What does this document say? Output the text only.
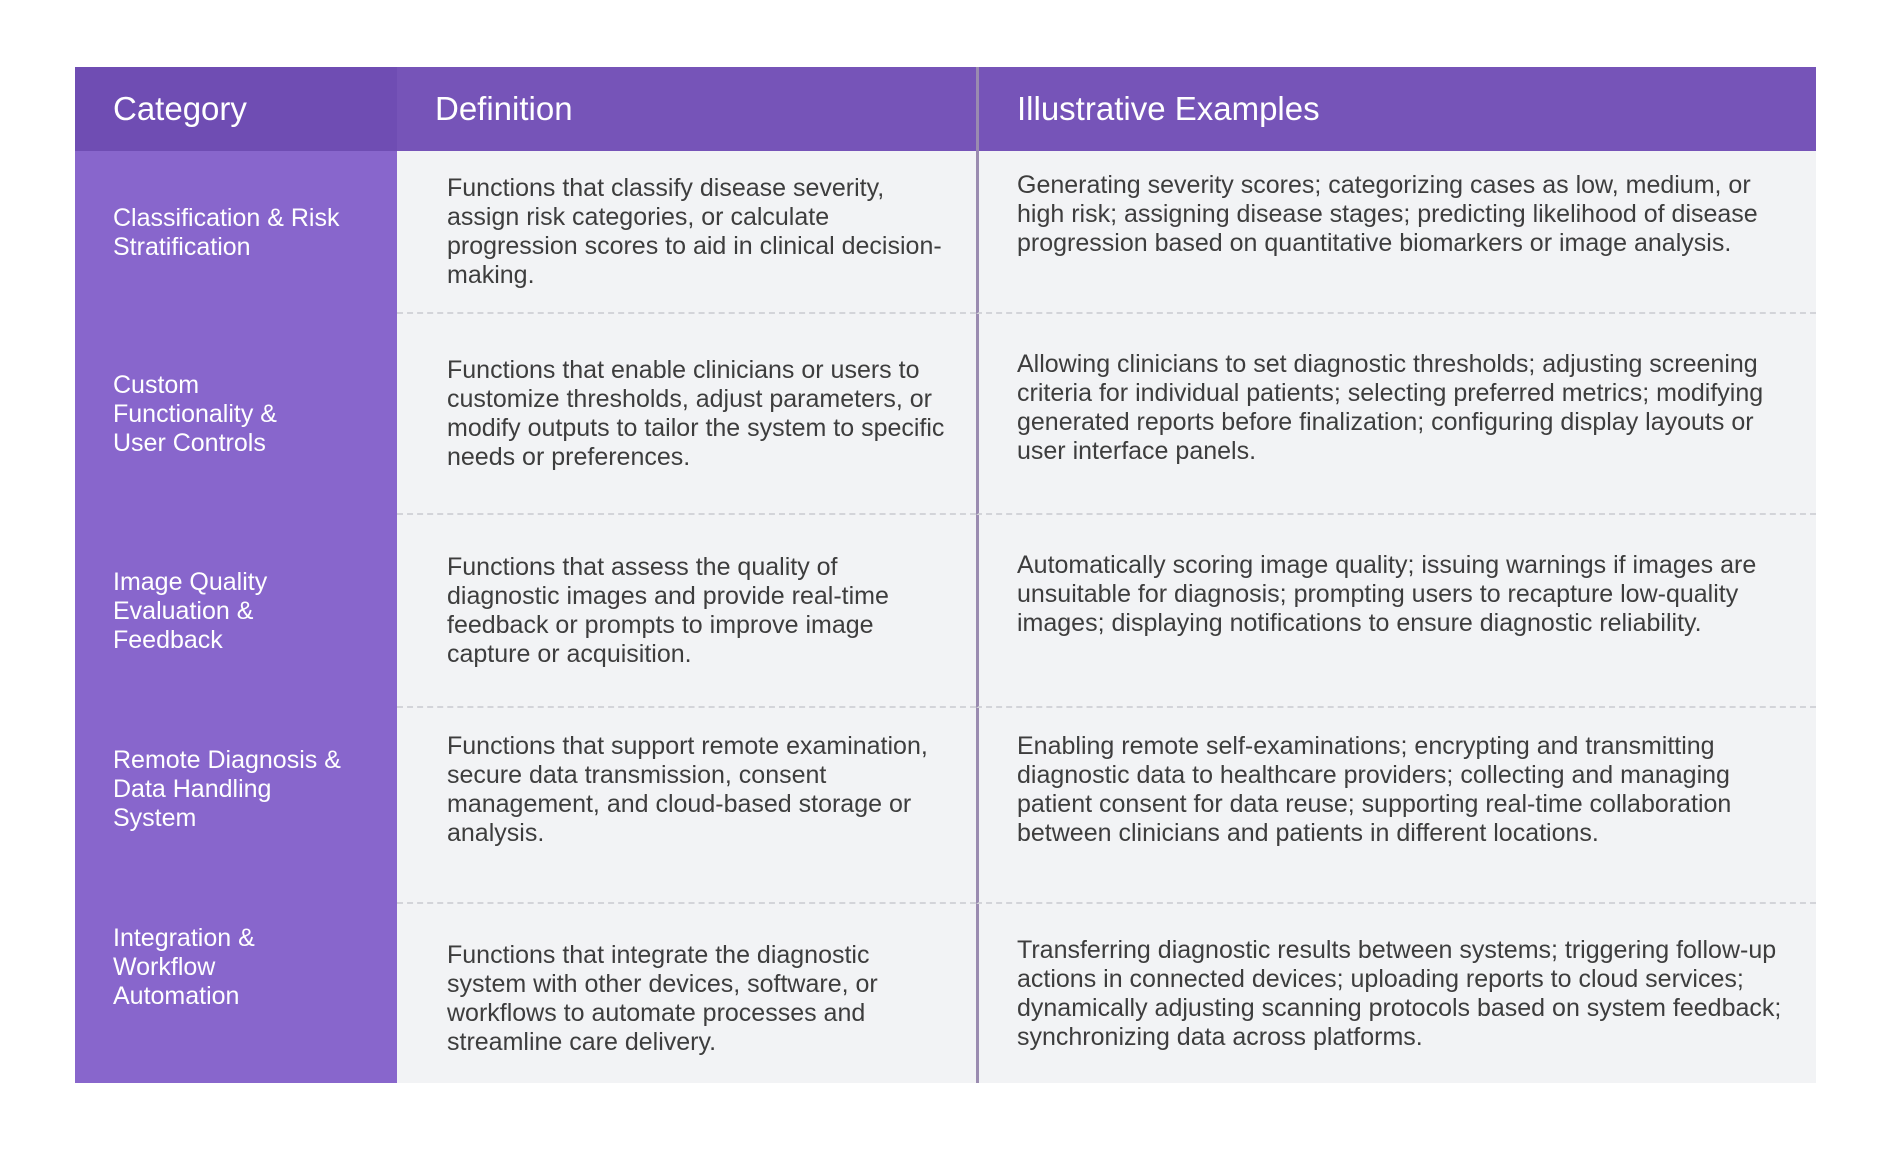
Category	Definition	Illustrative Examples
Classification & Risk Stratification
Functions that classify disease severity, assign risk categories, or calculate progression scores to aid in clinical decision-making.
Generating severity scores; categorizing cases as low, medium, or high risk; assigning disease stages; predicting likelihood of disease progression based on quantitative biomarkers or image analysis.
Custom Functionality & User Controls
Functions that enable clinicians or users to customize thresholds, adjust parameters, or modify outputs to tailor the system to specific needs or preferences.
Allowing clinicians to set diagnostic thresholds; adjusting screening criteria for individual patients; selecting preferred metrics; modifying generated reports before finalization; configuring display layouts or user interface panels.
Image Quality Evaluation & Feedback
Functions that assess the quality of diagnostic images and provide real-time feedback or prompts to improve image capture or acquisition.
Automatically scoring image quality; issuing warnings if images are unsuitable for diagnosis; prompting users to recapture low-quality images; displaying notifications to ensure diagnostic reliability.
Remote Diagnosis & Data Handling System
Functions that support remote examination, secure data transmission, consent management, and cloud-based storage or analysis.
Enabling remote self-examinations; encrypting and transmitting diagnostic data to healthcare providers; collecting and managing patient consent for data reuse; supporting real-time collaboration between clinicians and patients in different locations.
Integration & Workflow Automation
Functions that integrate the diagnostic system with other devices, software, or workflows to automate processes and streamline care delivery.
Transferring diagnostic results between systems; triggering follow-up actions in connected devices; uploading reports to cloud services; dynamically adjusting scanning protocols based on system feedback; synchronizing data across platforms.
